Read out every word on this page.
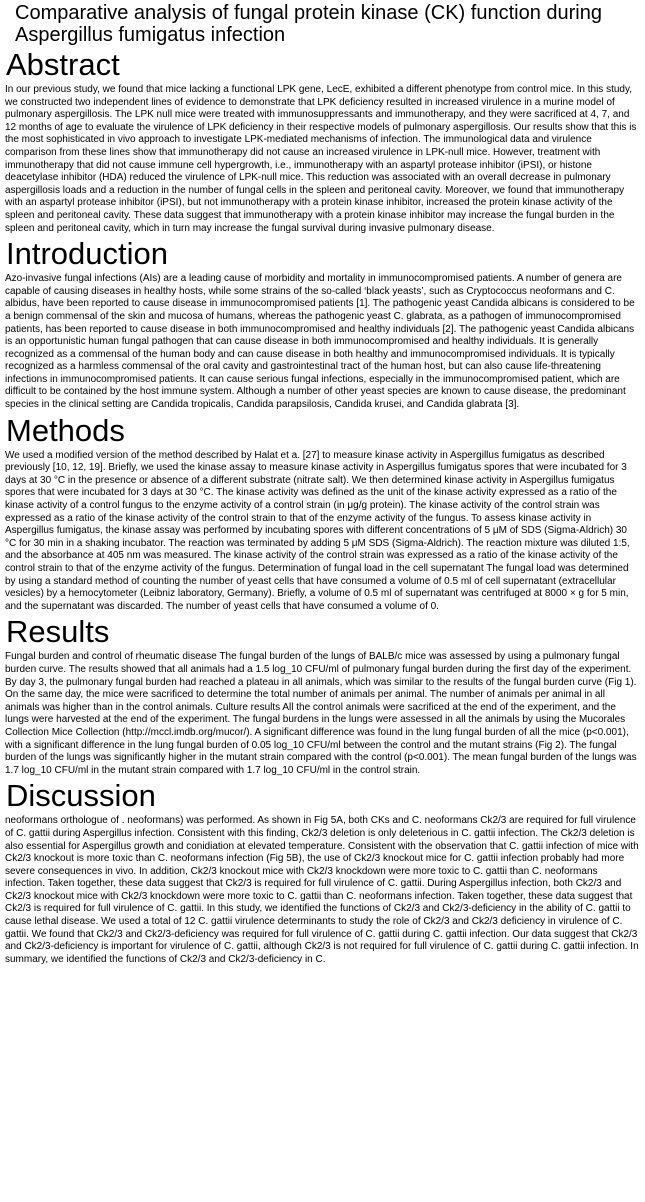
Comparative analysis of fungal protein kinase (CK) function during Aspergillus fumigatus infection
Abstract

In our previous study, we found that mice lacking a functional LPK gene, LecE, exhibited a different phenotype from control mice. In this study, we constructed two independent lines of evidence to demonstrate that LPK deficiency resulted in increased virulence in a murine model of pulmonary aspergillosis. The LPK null mice were treated with immunosuppressants and immunotherapy, and they were sacrificed at 4, 7, and 12 months of age to evaluate the virulence of LPK deficiency in their respective models of pulmonary aspergillosis. Our results show that this is the most sophisticated in vivo approach to investigate LPK-mediated mechanisms of infection. The immunological data and virulence comparison from these lines show that immunotherapy did not cause an increased virulence in LPK-null mice. However, treatment with immunotherapy that did not cause immune cell hypergrowth, i.e., immunotherapy with an aspartyl protease inhibitor (iPSI), or histone deacetylase inhibitor (HDA) reduced the virulence of LPK-null mice. This reduction was associated with an overall decrease in pulmonary aspergillosis loads and a reduction in the number of fungal cells in the spleen and peritoneal cavity. Moreover, we found that immunotherapy with an aspartyl protease inhibitor (iPSI), but not immunotherapy with a protein kinase inhibitor, increased the protein kinase activity of the spleen and peritoneal cavity. These data suggest that immunotherapy with a protein kinase inhibitor may increase the fungal burden in the spleen and peritoneal cavity, which in turn may increase the fungal survival during invasive pulmonary disease.

Introduction

Azo-invasive fungal infections (AIs) are a leading cause of morbidity and mortality in immunocompromised patients. A number of genera are capable of causing diseases in healthy hosts, while some strains of the so-called ‘black yeasts’, such as Cryptococcus neoformans and C. albidus, have been reported to cause disease in immunocompromised patients [1]. The pathogenic yeast Candida albicans is considered to be a benign commensal of the skin and mucosa of humans, whereas the pathogenic yeast C. glabrata, as a pathogen of immunocompromised patients, has been reported to cause disease in both immunocompromised and healthy individuals [2]. The pathogenic yeast Candida albicans is an opportunistic human fungal pathogen that can cause disease in both immunocompromised and healthy individuals. It is generally recognized as a commensal of the human body and can cause disease in both healthy and immunocompromised individuals. It is typically recognized as a harmless commensal of the oral cavity and gastrointestinal tract of the human host, but can also cause life-threatening infections in immunocompromised patients. It can cause serious fungal infections, especially in the immunocompromised patient, which are difficult to be contained by the host immune system. Although a number of other yeast species are known to cause disease, the predominant species in the clinical setting are Candida tropicalis, Candida parapsilosis, Candida krusei, and Candida glabrata [3].

Methods

We used a modified version of the method described by Halat et a. [27] to measure kinase activity in Aspergillus fumigatus as described previously [10, 12, 19]. Briefly, we used the kinase assay to measure kinase activity in Aspergillus fumigatus spores that were incubated for 3 days at 30 °C in the presence or absence of a different substrate (nitrate salt). We then determined kinase activity in Aspergillus fumigatus spores that were incubated for 3 days at 30 °C. The kinase activity was defined as the unit of the kinase activity expressed as a ratio of the kinase activity of a control fungus to the enzyme activity of a control strain (in μg/g protein). The kinase activity of the control strain was expressed as a ratio of the kinase activity of the control strain to that of the enzyme activity of the fungus. To assess kinase activity in Aspergillus fumigatus, the kinase assay was performed by incubating spores with different concentrations of 5 μM of SDS (Sigma-Aldrich) 30 °C for 30 min in a shaking incubator. The reaction was terminated by adding 5 μM SDS (Sigma-Aldrich). The reaction mixture was diluted 1:5, and the absorbance at 405 nm was measured. The kinase activity of the control strain was expressed as a ratio of the kinase activity of the control strain to that of the enzyme activity of the fungus. Determination of fungal load in the cell supernatant The fungal load was determined by using a standard method of counting the number of yeast cells that have consumed a volume of 0.5 ml of cell supernatant (extracellular vesicles) by a hemocytometer (Leibniz laboratory, Germany). Briefly, a volume of 0.5 ml of supernatant was centrifuged at 8000 × g for 5 min, and the supernatant was discarded. The number of yeast cells that have consumed a volume of 0.

Results

Fungal burden and control of rheumatic disease The fungal burden of the lungs of BALB/c mice was assessed by using a pulmonary fungal burden curve. The results showed that all animals had a 1.5 log_10 CFU/ml of pulmonary fungal burden during the first day of the experiment. By day 3, the pulmonary fungal burden had reached a plateau in all animals, which was similar to the results of the fungal burden curve (Fig 1). On the same day, the mice were sacrificed to determine the total number of animals per animal. The number of animals per animal in all animals was higher than in the control animals. Culture results All the control animals were sacrificed at the end of the experiment, and the lungs were harvested at the end of the experiment. The fungal burdens in the lungs were assessed in all the animals by using the Mucorales Collection Mice Collection (http://mccl.imdb.org/mucor/). A significant difference was found in the lung fungal burden of all the mice (p<0.001), with a significant difference in the lung fungal burden of 0.05 log_10 CFU/ml between the control and the mutant strains (Fig 2). The fungal burden of the lungs was significantly higher in the mutant strain compared with the control (p<0.001). The mean fungal burden of the lungs was 1.7 log_10 CFU/ml in the mutant strain compared with 1.7 log_10 CFU/ml in the control strain.

Discussion

neoformans orthologue of . neoformans) was performed. As shown in Fig 5A, both CKs and C. neoformans Ck2/3 are required for full virulence of C. gattii during Aspergillus infection. Consistent with this finding, Ck2/3 deletion is only deleterious in C. gattii infection. The Ck2/3 deletion is also essential for Aspergillus growth and conidiation at elevated temperature. Consistent with the observation that C. gattii infection of mice with Ck2/3 knockout is more toxic than C. neoformans infection (Fig 5B), the use of Ck2/3 knockout mice for C. gattii infection probably had more severe consequences in vivo. In addition, Ck2/3 knockout mice with Ck2/3 knockdown were more toxic to C. gattii than C. neoformans infection. Taken together, these data suggest that Ck2/3 is required for full virulence of C. gattii. During Aspergillus infection, both Ck2/3 and Ck2/3 knockout mice with Ck2/3 knockdown were more toxic to C. gattii than C. neoformans infection. Taken together, these data suggest that Ck2/3 is required for full virulence of C. gattii. In this study, we identified the functions of Ck2/3 and Ck2/3-deficiency in the ability of C. gattii to cause lethal disease. We used a total of 12 C. gattii virulence determinants to study the role of Ck2/3 and Ck2/3 deficiency in virulence of C. gattii. We found that Ck2/3 and Ck2/3-deficiency was required for full virulence of C. gattii during C. gattii infection. Our data suggest that Ck2/3 and Ck2/3-deficiency is important for virulence of C. gattii, although Ck2/3 is not required for full virulence of C. gattii during C. gattii infection. In summary, we identified the functions of Ck2/3 and Ck2/3-deficiency in C.
